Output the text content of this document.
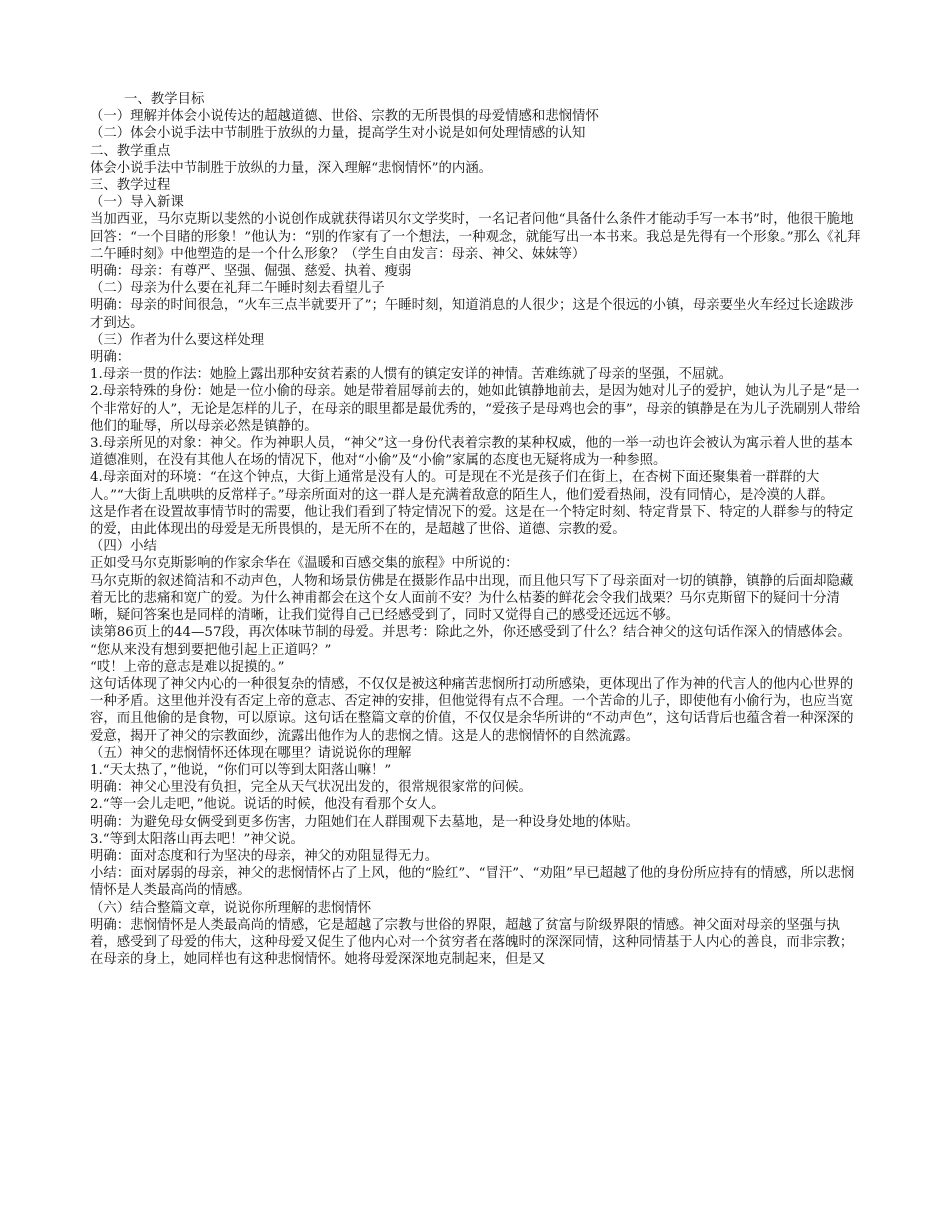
一、教学目标

（一）理解并体会小说传达的超越道德、世俗、宗教的无所畏惧的母爱情感和悲悯情怀

（二）体会小说手法中节制胜于放纵的力量，提高学生对小说是如何处理情感的认知

二、教学重点

体会小说手法中节制胜于放纵的力量，深入理解“悲悯情怀”的内涵。

三、教学过程

（一）导入新课

当加西亚，马尔克斯以斐然的小说创作成就获得诺贝尔文学奖时，一名记者问他“具备什么条件才能动手写一本书”时，他很干脆地回答：“一个目睹的形象！”他认为：“别的作家有了一个想法，一种观念，就能写出一本书来。我总是先得有一个形象。”那么《礼拜二午睡时刻》中他塑造的是一个什么形象？（学生自由发言：母亲、神父、妹妹等）

明确：母亲：有尊严、坚强、倔强、慈爱、执着、瘦弱

（二）母亲为什么要在礼拜二午睡时刻去看望儿子

明确：母亲的时间很急，“火车三点半就要开了”；午睡时刻，知道消息的人很少；这是个很远的小镇，母亲要坐火车经过长途跋涉才到达。

（三）作者为什么要这样处理

明确：

1.母亲一贯的作法：她脸上露出那种安贫若素的人惯有的镇定安详的神情。苦难练就了母亲的坚强，不屈就。

2.母亲特殊的身份：她是一位小偷的母亲。她是带着屈辱前去的，她如此镇静地前去，是因为她对儿子的爱护，她认为儿子是“是一个非常好的人”，无论是怎样的儿子，在母亲的眼里都是最优秀的，“爱孩子是母鸡也会的事”，母亲的镇静是在为儿子洗刷别人带给他们的耻辱，所以母亲必然是镇静的。

3.母亲所见的对象：神父。作为神职人员，“神父”这一身份代表着宗教的某种权威，他的一举一动也许会被认为寓示着人世的基本道德准则，在没有其他人在场的情况下，他对“小偷”及“小偷”家属的态度也无疑将成为一种参照。

4.母亲面对的环境：“在这个钟点，大街上通常是没有人的。可是现在不光是孩子们在街上，在杏树下面还聚集着一群群的大人。”“大街上乱哄哄的反常样子。”母亲所面对的这一群人是充满着敌意的陌生人，他们爱看热闹，没有同情心，是冷漠的人群。

这是作者在设置故事情节时的需要，他让我们看到了特定情况下的爱。这是在一个特定时刻、特定背景下、特定的人群参与的特定的爱，由此体现出的母爱是无所畏惧的，是无所不在的，是超越了世俗、道德、宗教的爱。

（四）小结

正如受马尔克斯影响的作家余华在《温暖和百感交集的旅程》中所说的：

马尔克斯的叙述简洁和不动声色，人物和场景仿佛是在摄影作品中出现，而且他只写下了母亲面对一切的镇静，镇静的后面却隐藏着无比的悲痛和宽广的爱。为什么神甫都会在这个女人面前不安？为什么枯萎的鲜花会令我们战栗？马尔克斯留下的疑问十分清晰，疑问答案也是同样的清晰，让我们觉得自己已经感受到了，同时又觉得自己的感受还远远不够。

读第86页上的44—57段，再次体味节制的母爱。并思考：除此之外，你还感受到了什么？结合神父的这句话作深入的情感体会。

“您从来没有想到要把他引起上正道吗？”

“哎！上帝的意志是难以捉摸的。”

这句话体现了神父内心的一种很复杂的情感，不仅仅是被这种痛苦悲悯所打动所感染，更体现出了作为神的代言人的他内心世界的一种矛盾。这里他并没有否定上帝的意志、否定神的安排，但他觉得有点不合理。一个苦命的儿子，即使他有小偷行为，也应当宽容，而且他偷的是食物，可以原谅。这句话在整篇文章的价值，不仅仅是余华所讲的“不动声色”，这句话背后也蕴含着一种深深的爱意，揭开了神父的宗教面纱，流露出他作为人的悲悯之情。这是人的悲悯情怀的自然流露。

（五）神父的悲悯情怀还体现在哪里？请说说你的理解

1.“天太热了，”他说，“你们可以等到太阳落山嘛！”

明确：神父心里没有负担，完全从天气状况出发的，很常规很家常的问候。

2.“等一会儿走吧，”他说。说话的时候，他没有看那个女人。

明确：为避免母女俩受到更多伤害，力阻她们在人群围观下去墓地，是一种设身处地的体贴。

3.“等到太阳落山再去吧！”神父说。

明确：面对态度和行为坚决的母亲，神父的劝阻显得无力。

小结：面对孱弱的母亲，神父的悲悯情怀占了上风，他的“脸红”、“冒汗”、“劝阻”早已超越了他的身份所应持有的情感，所以悲悯情怀是人类最高尚的情感。

（六）结合整篇文章，说说你所理解的悲悯情怀

明确：悲悯情怀是人类最高尚的情感，它是超越了宗教与世俗的界限，超越了贫富与阶级界限的情感。神父面对母亲的坚强与执着，感受到了母爱的伟大，这种母爱又促生了他内心对一个贫穷者在落魄时的深深同情，这种同情基于人内心的善良，而非宗教；在母亲的身上，她同样也有这种悲悯情怀。她将母爱深深地克制起来，但是又
